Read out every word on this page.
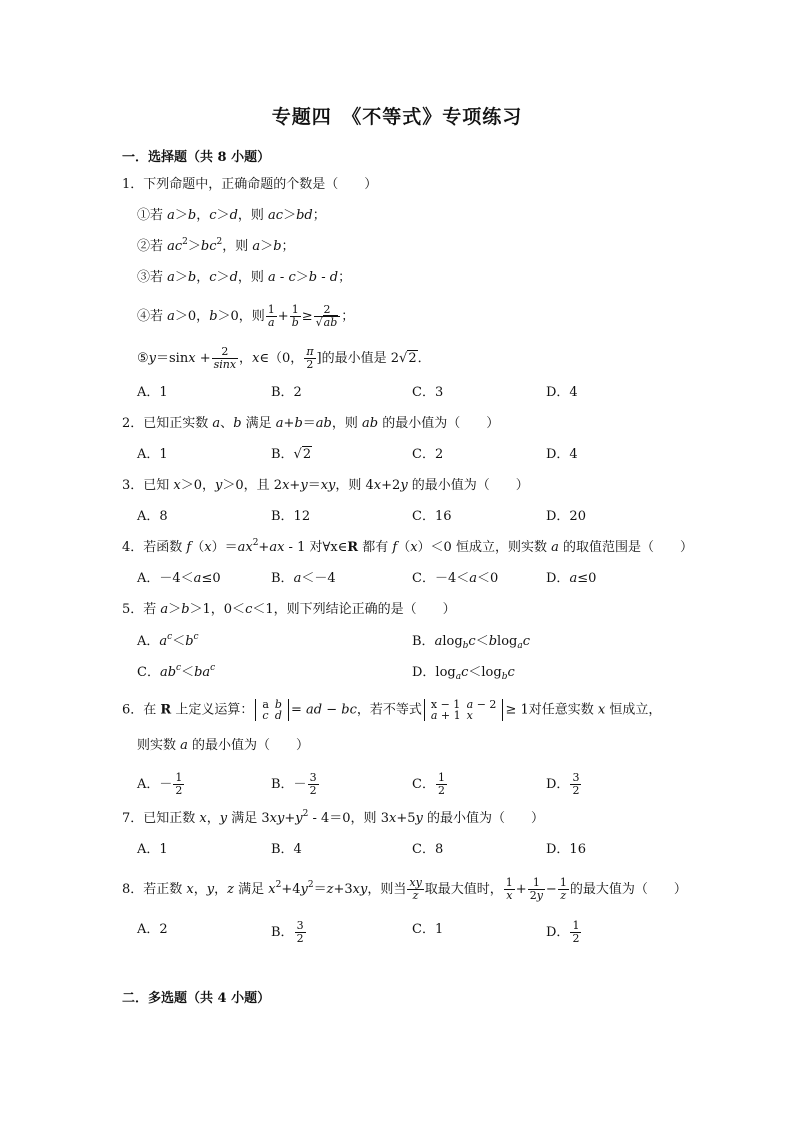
专题四　《不等式》专项练习
一．选择题（共 8 小题）
1．下列命题中，正确命题的个数是（　　）
①若 a＞b，c＞d，则 ac＞bd；
②若 $ac^2>bc^2$，则 a＞b；
③若 a＞b，c＞d，则 a - c＞b - d；
④若 a＞0，b＞0，则 $\frac{1}{a} + \frac{1}{b} \ge \frac{2}{√ab}$ ；
⑤y＝sinx + $\frac{2}{\sin x}$ ，x∈（0， $\frac{\pi}{2}$ ]的最小值是 2√2．
A．1	B．2	C．3	D．4
2．已知正实数 a、b 满足 a+b＝ab，则 ab 的最小值为（　　）
A．1	B．√2	C．2	D．4
3．已知 x＞0，y＞0，且 2x+y＝xy，则 4x+2y 的最小值为（　　）
A．8	B．12	C．16	D．20
4．若函数 $f(x)=ax^2+ax - 1$ 对∀x∈R 都有 f（x）＜0 恒成立，则实数 a 的取值范围是（　　）
A．－4＜a≤0	B．a＜－4	C．－4＜a＜0	D．a≤0
5．若 a＞b＞1，0＜c＜1，则下列结论正确的是（　　）
A．$a^c<b^c$	B．alog$_b$c＜blog$_a$c
C．$ab^c<ba^c$	D．$\log_ac<\log_bc$
6．在 R 上定义运算： a	b
c	d = ad − bc，若不等式 x − 1	a − 2
a + 1	x	≥ 1对任意实数 x 恒成立，
则实数 a 的最小值为（　　）
A．－ $\frac{1}{2}$	B．－ $\frac{3}{2}$	C． $\frac{1}{2}$	D． $\frac{3}{2}$
7．已知正数 x，y 满足 $3xy+y^2 - 4=0$，则 3x+5y 的最小值为（　　）
A．1	B．4	C．8	D．16
8．若正数 x，y，z 满足 $x^2+4y^2=z+3xy$，则当 $\frac{xy}{z}$ 取最大值时， $\frac{1}{x} + \frac{1}{2y} - \frac{1}{z}$ 的最大值为（　　）
A．2	B． $\frac{3}{2}$	C．1	D． $\frac{1}{2}$
二．多选题（共 4 小题）
